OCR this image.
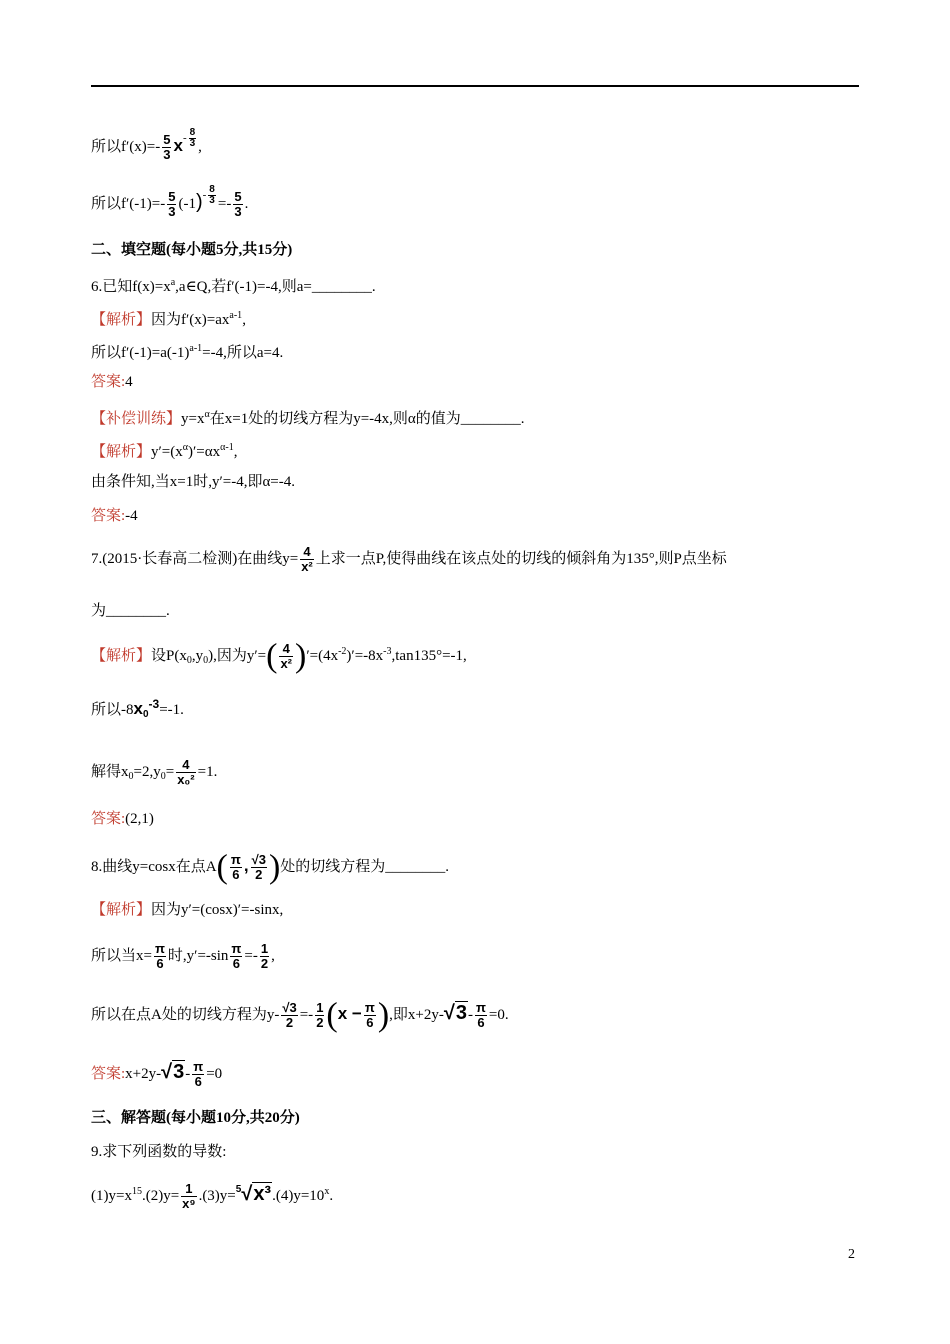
所以$f'(x)=- \frac{5}{3} x^{- \frac{8}{3}}$ ,
所以$f'(-1)=- \frac{5}{3} (-1)^{- \frac{8}{3}} =- \frac{5}{3}$ .
二、填空题(每小题5分,共15分)
6.已知$f(x)=x^a,a\in Q$,若f′(-1)=-4,则a=________.
【解析】因为$f'(x)=ax^{a-1}$,
所以$f'(-1)=a(-1)^{a-1}=-4$,所以a=4.
答案:4
【补偿训练】$y=x^\alpha$在x=1处的切线方程为y=-4x,则α的值为________.
【解析】$y'=(x^\alpha)'=\alpha x^{\alpha-1}$,
由条件知,当x=1时,y′=-4,即α=-4.
答案:-4
7.(2015·长春高二检测)在曲线$y= \frac{4}{\text{x²}}$ 上求一点P,使得曲线在该点处的切线的倾斜角为135°,则P点坐标
为________.
【解析】设$P(x_0,y_0)$,因为$y'=( \frac{4}{\text{x²}} )'=(4x^{-2})'=-8x^{-3},\tan 135^\circ=-1$,
所以$-8x_0^{-3}=-1$.
解得$x_0=2,y_0= \frac{4}{\text{x₀²}} =1$.
答案:(2,1)
8.曲线y=cosx在点$A( \frac{\pi}{6}$ , $\frac{√3}{2}$ )处的切线方程为________.
【解析】因为y′=(cosx)′=-sinx,
所以当$x= \frac{\pi}{6}$ 时$,y'=-\sin \frac{\pi}{6} =- \frac{1}{2}$ ,
所以在点A处的切线方程为$y- \frac{√3}{2} =- \frac{1}{2} (x - \frac{\pi}{6}$ ),即$x+2y-√3- \frac{\pi}{6} =0$.
答案:x+2y-√3- $\frac{\pi}{6} =0$
三、解答题(每小题10分,共20分)
9.求下列函数的导数:
$(1)y=x^{15}.(2)y= \frac{1}{\text{x⁹}} .(3)y=^5√x^3.(4)y=10^x$.
2
